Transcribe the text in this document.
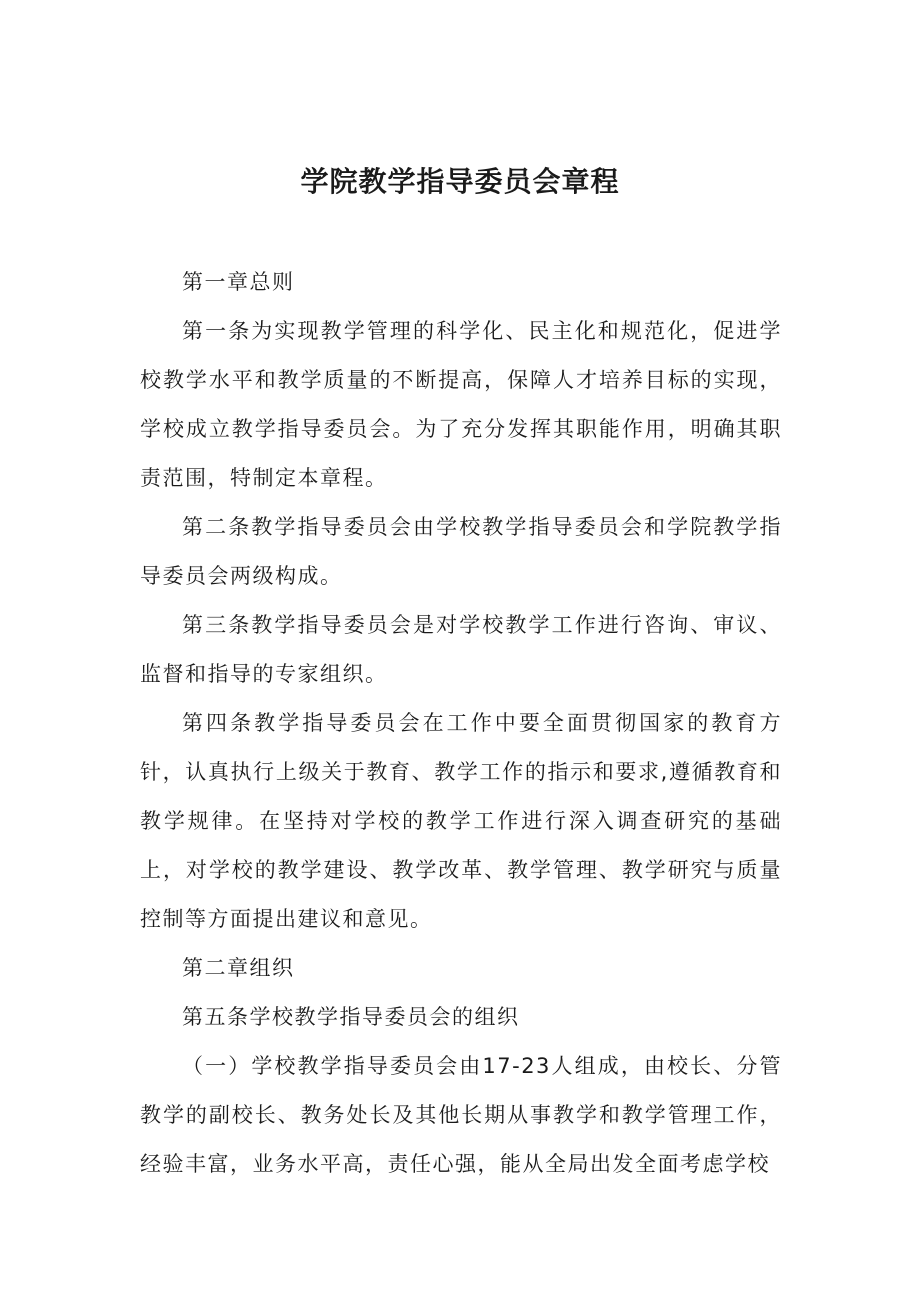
学院教学指导委员会章程

第一章总则

第一条为实现教学管理的科学化、民主化和规范化，促进学校教学水平和教学质量的不断提高，保障人才培养目标的实现，学校成立教学指导委员会。为了充分发挥其职能作用，明确其职责范围，特制定本章程。

第二条教学指导委员会由学校教学指导委员会和学院教学指导委员会两级构成。

第三条教学指导委员会是对学校教学工作进行咨询、审议、监督和指导的专家组织。

第四条教学指导委员会在工作中要全面贯彻国家的教育方针，认真执行上级关于教育、教学工作的指示和要求,遵循教育和教学规律。在坚持对学校的教学工作进行深入调查研究的基础上，对学校的教学建设、教学改革、教学管理、教学研究与质量控制等方面提出建议和意见。

第二章组织

第五条学校教学指导委员会的组织

（一）学校教学指导委员会由17-23人组成，由校长、分管教学的副校长、教务处长及其他长期从事教学和教学管理工作，经验丰富，业务水平高，责任心强，能从全局出发全面考虑学校
